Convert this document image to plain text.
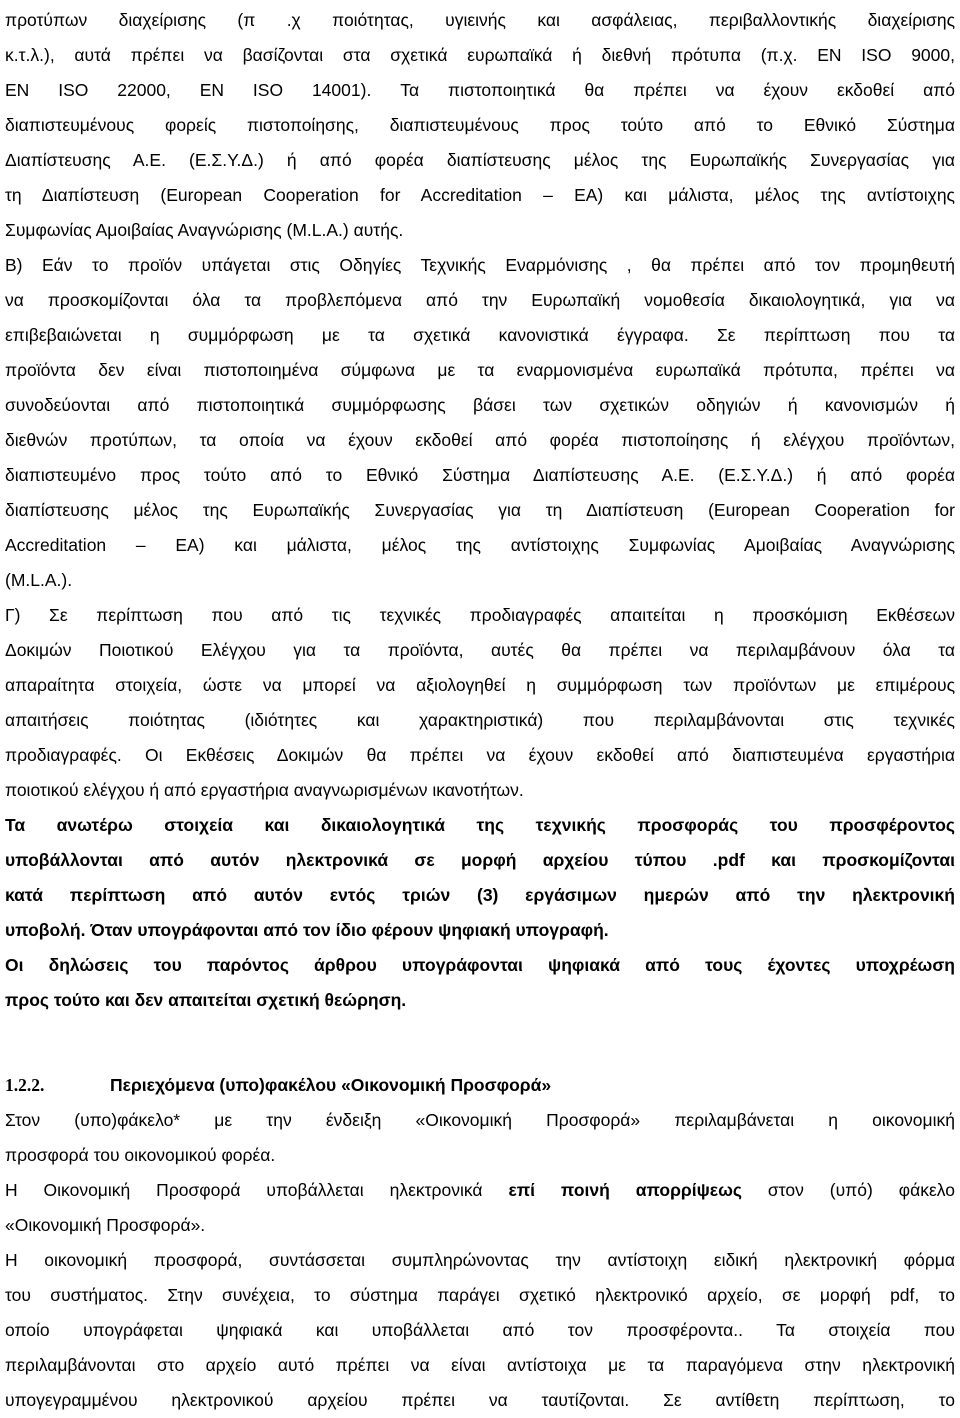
προτύπων διαχείρισης (π .χ ποιότητας, υγιεινής και ασφάλειας, περιβαλλοντικής διαχείρισης
κ.τ.λ.), αυτά πρέπει να βασίζονται στα σχετικά ευρωπαϊκά ή διεθνή πρότυπα (π.χ. EN ISO 9000,
EN ISO 22000, EN ISO 14001). Τα πιστοποιητικά θα πρέπει να έχουν εκδοθεί από
διαπιστευμένους φορείς πιστοποίησης, διαπιστευμένους προς τούτο από το Εθνικό Σύστημα
Διαπίστευσης Α.Ε. (Ε.Σ.Υ.Δ.) ή από φορέα διαπίστευσης μέλος της Ευρωπαϊκής Συνεργασίας για
τη Διαπίστευση (European Cooperation for Accreditation – EA) και μάλιστα, μέλος της αντίστοιχης
Συμφωνίας Αμοιβαίας Αναγνώρισης (M.L.A.) αυτής.
Β) Εάν το προϊόν υπάγεται στις Οδηγίες Τεχνικής Εναρμόνισης , θα πρέπει από τον προμηθευτή
να προσκομίζονται όλα τα προβλεπόμενα από την Ευρωπαϊκή νομοθεσία δικαιολογητικά, για να
επιβεβαιώνεται η συμμόρφωση με τα σχετικά κανονιστικά έγγραφα. Σε περίπτωση που τα
προϊόντα δεν είναι πιστοποιημένα σύμφωνα με τα εναρμονισμένα ευρωπαϊκά πρότυπα, πρέπει να
συνοδεύονται από πιστοποιητικά συμμόρφωσης βάσει των σχετικών οδηγιών ή κανονισμών ή
διεθνών προτύπων, τα οποία να έχουν εκδοθεί από φορέα πιστοποίησης ή ελέγχου προϊόντων,
διαπιστευμένο προς τούτο από το Εθνικό Σύστημα Διαπίστευσης Α.Ε. (Ε.Σ.Υ.Δ.) ή από φορέα
διαπίστευσης μέλος της Ευρωπαϊκής Συνεργασίας για τη Διαπίστευση (European Cooperation for
Accreditation – EA) και μάλιστα, μέλος της αντίστοιχης Συμφωνίας Αμοιβαίας Αναγνώρισης
(M.L.A.).
Γ) Σε περίπτωση που από τις τεχνικές προδιαγραφές απαιτείται η προσκόμιση Εκθέσεων
Δοκιμών Ποιοτικού Ελέγχου για τα προϊόντα, αυτές θα πρέπει να περιλαμβάνουν όλα τα
απαραίτητα στοιχεία, ώστε να μπορεί να αξιολογηθεί η συμμόρφωση των προϊόντων με επιμέρους
απαιτήσεις ποιότητας (ιδιότητες και χαρακτηριστικά) που περιλαμβάνονται στις τεχνικές
προδιαγραφές. Οι Εκθέσεις Δοκιμών θα πρέπει να έχουν εκδοθεί από διαπιστευμένα εργαστήρια
ποιοτικού ελέγχου ή από εργαστήρια αναγνωρισμένων ικανοτήτων.
Τα ανωτέρω στοιχεία και δικαιολογητικά της τεχνικής προσφοράς του προσφέροντος
υποβάλλονται από αυτόν ηλεκτρονικά σε μορφή αρχείου τύπου .pdf και προσκομίζονται
κατά περίπτωση από αυτόν εντός τριών (3) εργάσιμων ημερών από την ηλεκτρονική
υποβολή. Όταν υπογράφονται από τον ίδιο φέρουν ψηφιακή υπογραφή.
Οι δηλώσεις του παρόντος άρθρου υπογράφονται ψηφιακά από τους έχοντες υποχρέωση
προς τούτο και δεν απαιτείται σχετική θεώρηση.
1.2.2.	Περιεχόμενα (υπο)φακέλου «Οικονομική Προσφορά»
Στον (υπο)φάκελο* με την ένδειξη «Οικονομική Προσφορά» περιλαμβάνεται η οικονομική
προσφορά του οικονομικού φορέα.
Η Οικονομική Προσφορά υποβάλλεται ηλεκτρονικά επί ποινή απορρίψεως στον (υπό) φάκελο
«Οικονομική Προσφορά».
Η οικονομική προσφορά, συντάσσεται συμπληρώνοντας την αντίστοιχη ειδική ηλεκτρονική φόρμα
του συστήματος. Στην συνέχεια, το σύστημα παράγει σχετικό ηλεκτρονικό αρχείο, σε μορφή pdf, το
οποίο υπογράφεται ψηφιακά και υποβάλλεται από τον προσφέροντα.. Τα στοιχεία που
περιλαμβάνονται στο αρχείο αυτό πρέπει να είναι αντίστοιχα με τα παραγόμενα στην ηλεκτρονική
υπογεγραμμένου ηλεκτρονικού αρχείου πρέπει να ταυτίζονται. Σε αντίθετη περίπτωση, το
